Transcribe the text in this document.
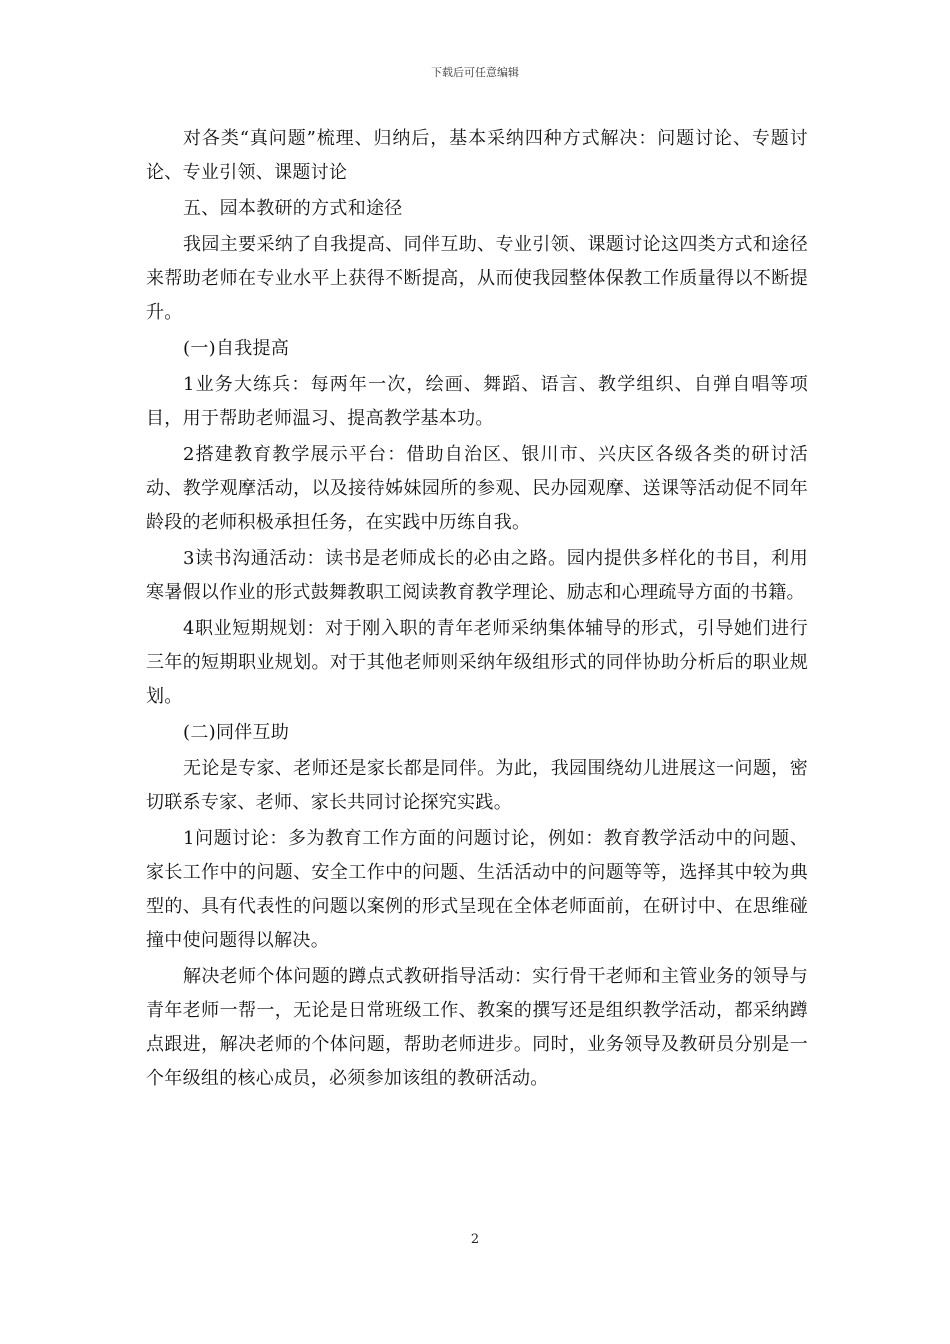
下载后可任意编辑

对各类“真问题”梳理、归纳后，基本采纳四种方式解决：问题讨论、专题讨论、专业引领、课题讨论

五、园本教研的方式和途径

我园主要采纳了自我提高、同伴互助、专业引领、课题讨论这四类方式和途径来帮助老师在专业水平上获得不断提高，从而使我园整体保教工作质量得以不断提升。

(一)自我提高

1业务大练兵：每两年一次，绘画、舞蹈、语言、教学组织、自弹自唱等项目，用于帮助老师温习、提高教学基本功。

2搭建教育教学展示平台：借助自治区、银川市、兴庆区各级各类的研讨活动、教学观摩活动，以及接待姊妹园所的参观、民办园观摩、送课等活动促不同年龄段的老师积极承担任务，在实践中历练自我。

3读书沟通活动：读书是老师成长的必由之路。园内提供多样化的书目，利用寒暑假以作业的形式鼓舞教职工阅读教育教学理论、励志和心理疏导方面的书籍。

4职业短期规划：对于刚入职的青年老师采纳集体辅导的形式，引导她们进行三年的短期职业规划。对于其他老师则采纳年级组形式的同伴协助分析后的职业规划。

(二)同伴互助

无论是专家、老师还是家长都是同伴。为此，我园围绕幼儿进展这一问题，密切联系专家、老师、家长共同讨论探究实践。

1问题讨论：多为教育工作方面的问题讨论，例如：教育教学活动中的问题、家长工作中的问题、安全工作中的问题、生活活动中的问题等等，选择其中较为典型的、具有代表性的问题以案例的形式呈现在全体老师面前，在研讨中、在思维碰撞中使问题得以解决。

解决老师个体问题的蹲点式教研指导活动：实行骨干老师和主管业务的领导与青年老师一帮一，无论是日常班级工作、教案的撰写还是组织教学活动，都采纳蹲点跟进，解决老师的个体问题，帮助老师进步。同时，业务领导及教研员分别是一个年级组的核心成员，必须参加该组的教研活动。

2
